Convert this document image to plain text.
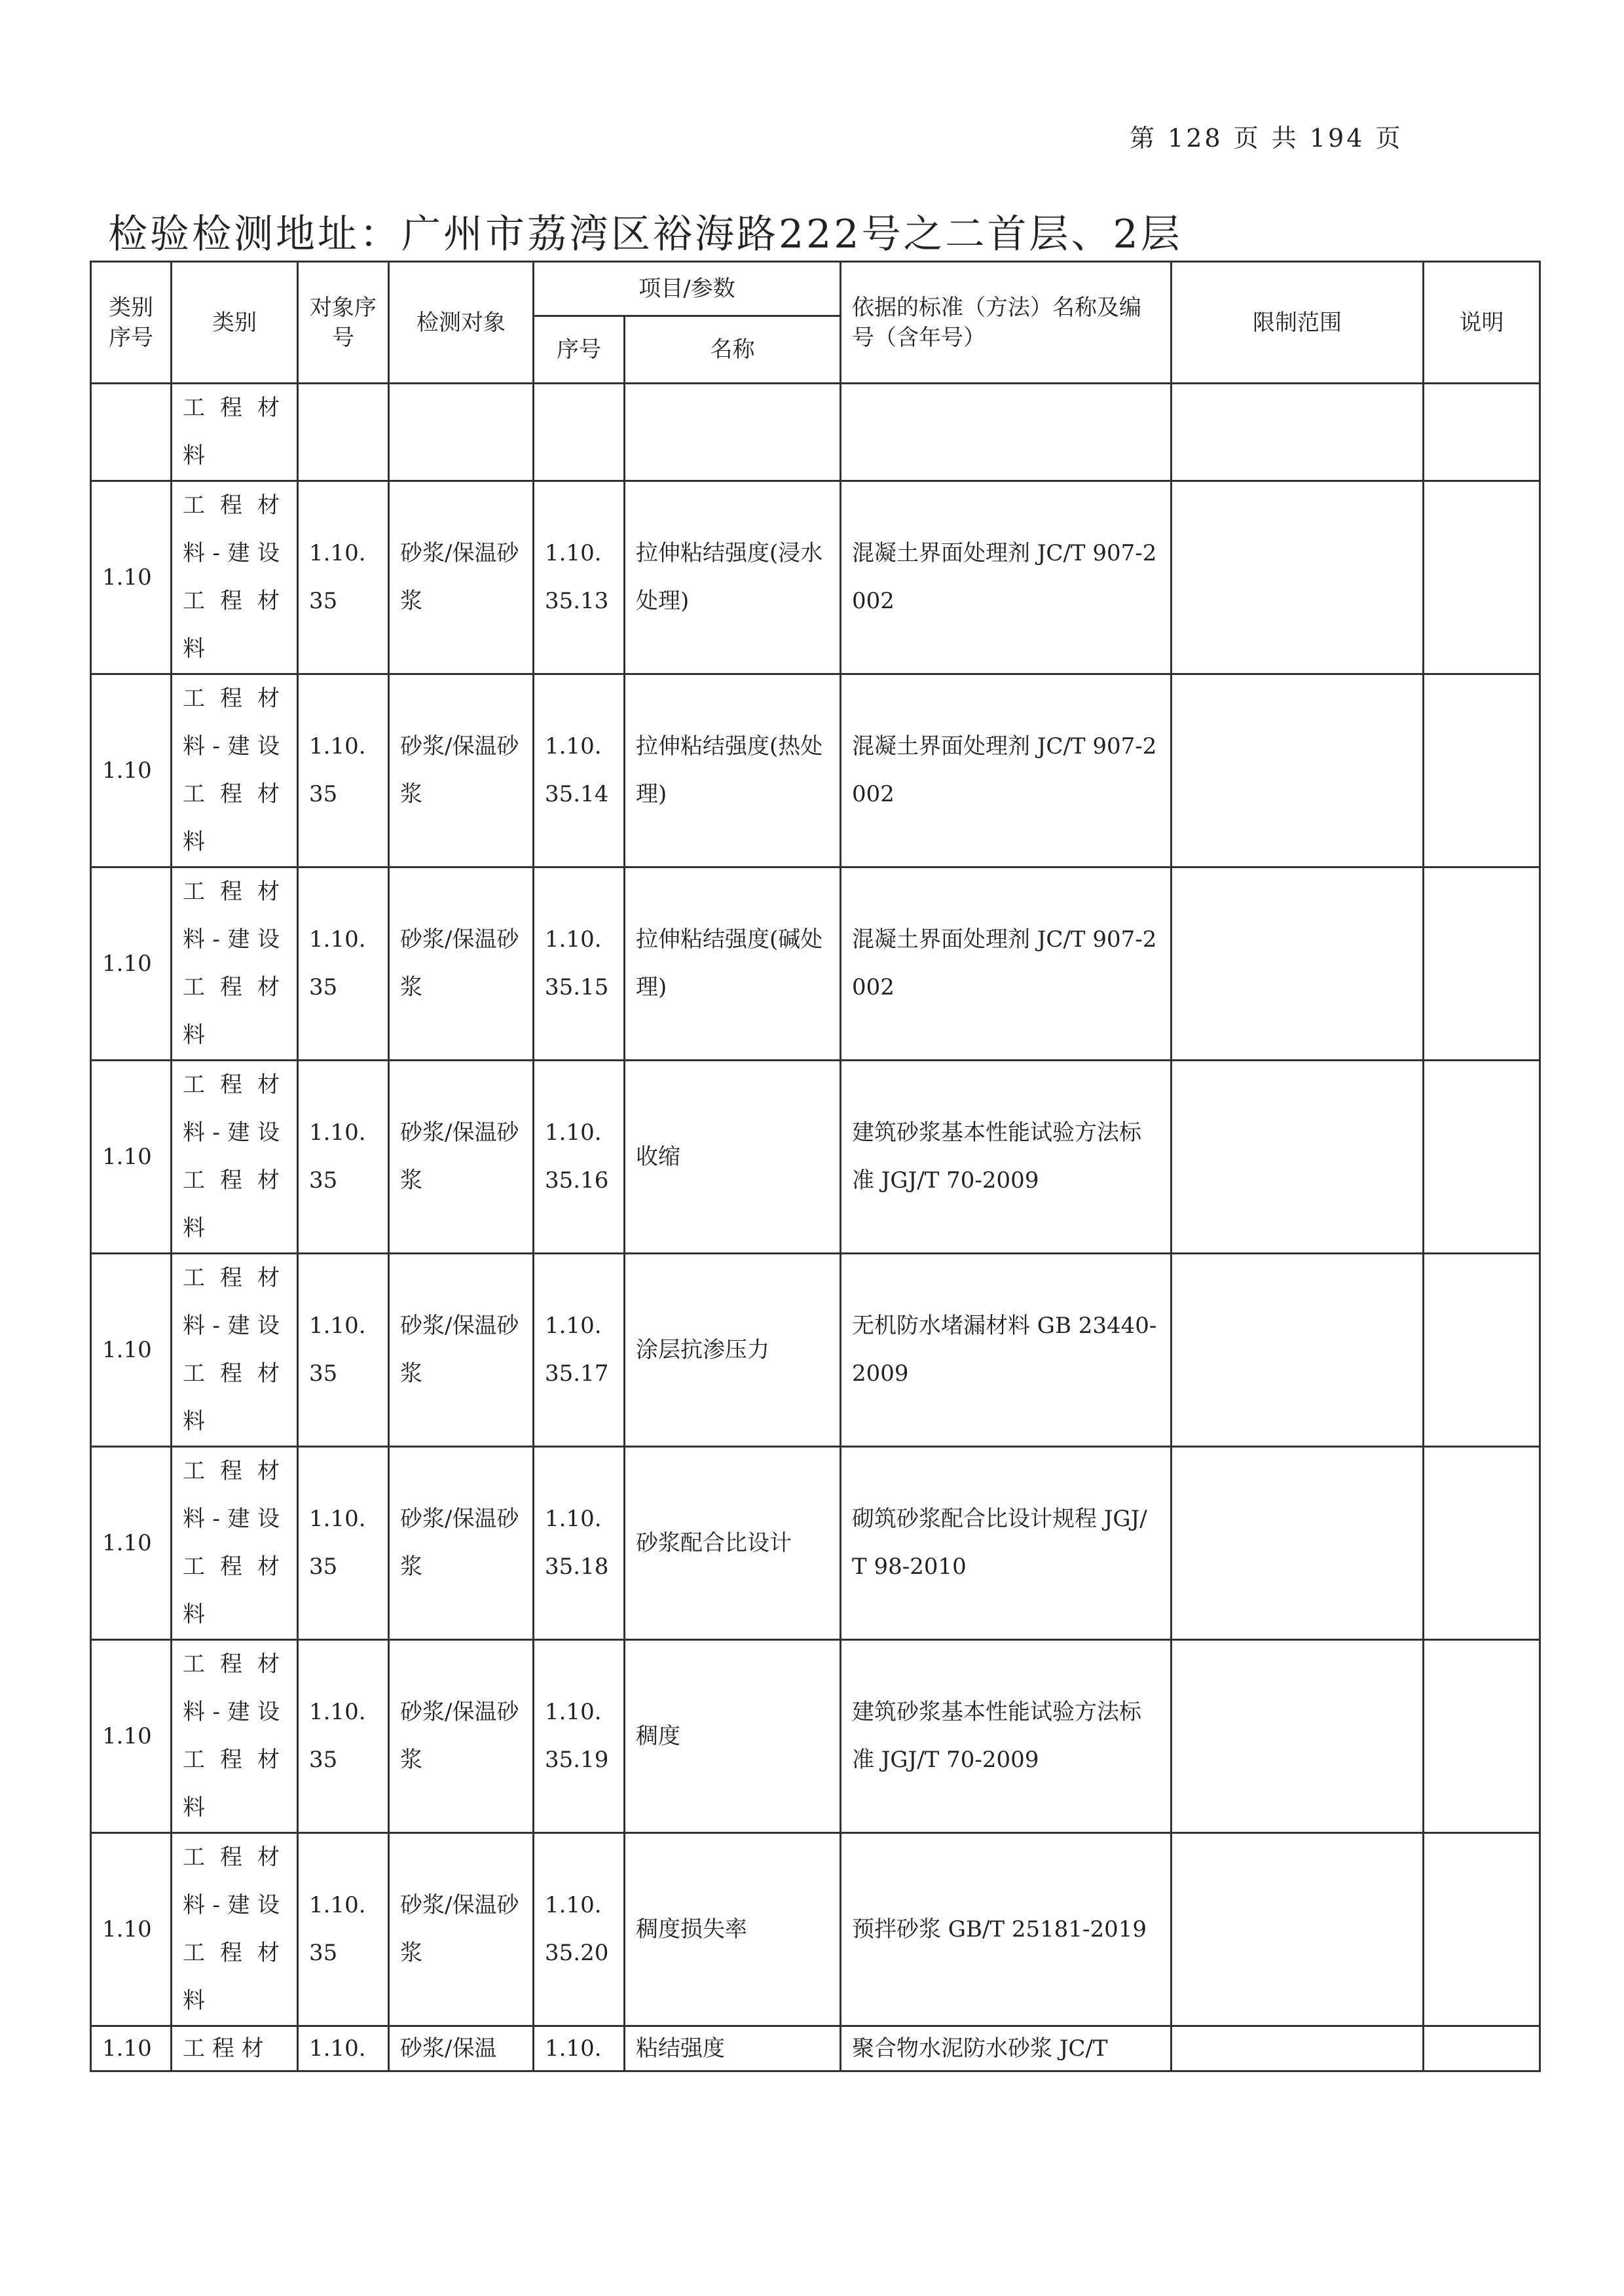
第 128 页 共 194 页
检验检测地址：广州市荔湾区裕海路222号之二首层、2层
类别序号	类别	对象序号	检测对象	项目/参数		依据的标准（方法）名称及编号（含年号）	限制范围	说明
				序号	名称			

	工 程 材 料							

1.10	工 程 材 料-建设 工 程 材 料	1.10. 35	砂浆/保温砂浆	1.10. 35.13	拉伸粘结强度(浸水处理)	混凝土界面处理剂 JC/T 907-2002		
1.10	工 程 材 料-建设 工 程 材 料	1.10. 35	砂浆/保温砂浆	1.10. 35.14	拉伸粘结强度(热处理)	混凝土界面处理剂 JC/T 907-2002		
1.10	工 程 材 料-建设 工 程 材 料	1.10. 35	砂浆/保温砂浆	1.10. 35.15	拉伸粘结强度(碱处理)	混凝土界面处理剂 JC/T 907-2002		
1.10	工 程 材 料-建设 工 程 材 料	1.10. 35	砂浆/保温砂浆	1.10. 35.16	收缩	建筑砂浆基本性能试验方法标准 JGJ/T 70-2009		
1.10	工 程 材 料-建设 工 程 材 料	1.10. 35	砂浆/保温砂浆	1.10. 35.17	涂层抗渗压力	无机防水堵漏材料 GB 23440-2009		
1.10	工 程 材 料-建设 工 程 材 料	1.10. 35	砂浆/保温砂浆	1.10. 35.18	砂浆配合比设计	砌筑砂浆配合比设计规程 JGJ/T 98-2010		
1.10	工 程 材 料-建设 工 程 材 料	1.10. 35	砂浆/保温砂浆	1.10. 35.19	稠度	建筑砂浆基本性能试验方法标准 JGJ/T 70-2009		
1.10	工 程 材 料-建设 工 程 材 料	1.10. 35	砂浆/保温砂浆	1.10. 35.20	稠度损失率	预拌砂浆 GB/T 25181-2019		
1.10	工 程 材	1.10.	砂浆/保温	1.10.	粘结强度	聚合物水泥防水砂浆 JC/T		
